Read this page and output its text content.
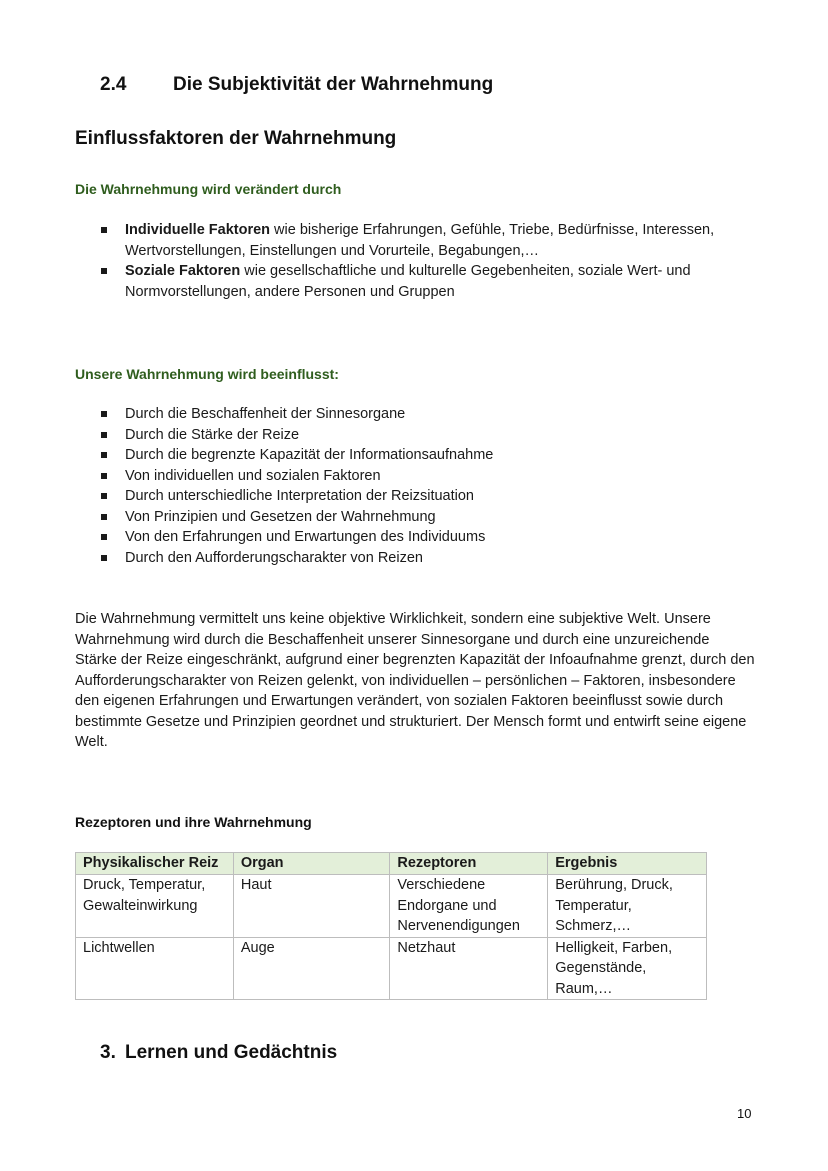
2.4 Die Subjektivität der Wahrnehmung
Einflussfaktoren der Wahrnehmung
Die Wahrnehmung wird verändert durch
Individuelle Faktoren wie bisherige Erfahrungen, Gefühle, Triebe, Bedürfnisse, Interessen, Wertvorstellungen, Einstellungen und Vorurteile, Begabungen,…
Soziale Faktoren wie gesellschaftliche und kulturelle Gegebenheiten, soziale Wert- und Normvorstellungen, andere Personen und Gruppen
Unsere Wahrnehmung wird beeinflusst:
Durch die Beschaffenheit der Sinnesorgane
Durch die Stärke der Reize
Durch die begrenzte Kapazität der Informationsaufnahme
Von individuellen und sozialen Faktoren
Durch unterschiedliche Interpretation der Reizsituation
Von Prinzipien und Gesetzen der Wahrnehmung
Von den Erfahrungen und Erwartungen des Individuums
Durch den Aufforderungscharakter von Reizen
Die Wahrnehmung vermittelt uns keine objektive Wirklichkeit, sondern eine subjektive Welt. Unsere Wahrnehmung wird durch die Beschaffenheit unserer Sinnesorgane und durch eine unzureichende Stärke der Reize eingeschränkt, aufgrund einer begrenzten Kapazität der Infoaufnahme grenzt, durch den Aufforderungscharakter von Reizen gelenkt, von individuellen – persönlichen – Faktoren, insbesondere den eigenen Erfahrungen und Erwartungen verändert, von sozialen Faktoren beeinflusst sowie durch bestimmte Gesetze und Prinzipien geordnet und strukturiert. Der Mensch formt und entwirft seine eigene Welt.
Rezeptoren und ihre Wahrnehmung
Physikalischer Reiz	Organ	Rezeptoren	Ergebnis
Druck, Temperatur, Gewalteinwirkung	Haut	Verschiedene Endorgane und Nervenendigungen	Berührung, Druck, Temperatur, Schmerz,…
Lichtwellen	Auge	Netzhaut	Helligkeit, Farben, Gegenstände, Raum,…
3. Lernen und Gedächtnis
10
